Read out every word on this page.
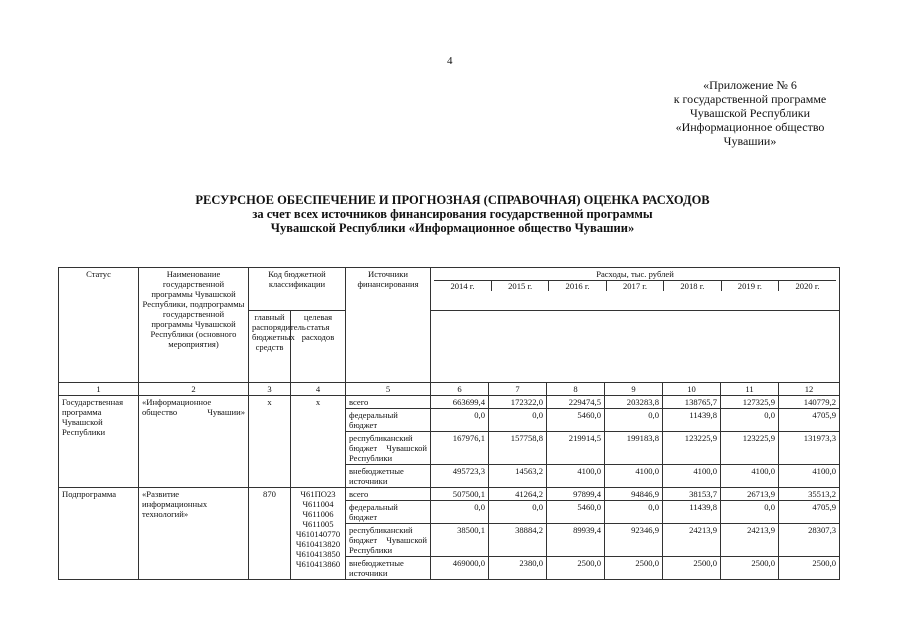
4
«Приложение № 6
к государственной программе
Чувашской Республики
«Информационное общество
Чувашии»
РЕСУРСНОЕ ОБЕСПЕЧЕНИЕ И ПРОГНОЗНАЯ (СПРАВОЧНАЯ) ОЦЕНКА РАСХОДОВ
за счет всех источников финансирования государственной программы
Чувашской Республики «Информационное общество Чувашии»
Статус	Наименование государственной программы Чувашской Республики, подпрограммы государственной программы Чувашской Республики (основного мероприятия)	Код бюджетной классификации	Источники финансирования	
Расходы, тыс. рублей
2014 г.	2015 г.	2016 г.	2017 г.	2018 г.	2019 г.	2020 г.

главный распорядитель бюджетных средств	целевая статья расходов	
1	2	3	4	5	6	7	8	9	10	11	12
Государственная программа Чувашской Республики	«Информационное общество Чувашии»	x	x	всего	663699,4	172322,0	229474,5	203283,8	138765,7	127325,9	140779,2
федеральный бюджет	0,0	0,0	5460,0	0,0	11439,8	0,0	4705,9
республиканский бюджет Чувашской Республики	167976,1	157758,8	219914,5	199183,8	123225,9	123225,9	131973,3
внебюджетные источники	495723,3	14563,2	4100,0	4100,0	4100,0	4100,0	4100,0
Подпрограмма	«Развитие информационных технологий»	870	Ч61ПО23 Ч611004 Ч611006 Ч611005 Ч610140770 Ч610413820 Ч610413850 Ч610413860	всего	507500,1	41264,2	97899,4	94846,9	38153,7	26713,9	35513,2
федеральный бюджет	0,0	0,0	5460,0	0,0	11439,8	0,0	4705,9
республиканский бюджет Чувашской Республики	38500,1	38884,2	89939,4	92346,9	24213,9	24213,9	28307,3
внебюджетные источники	469000,0	2380,0	2500,0	2500,0	2500,0	2500,0	2500,0
